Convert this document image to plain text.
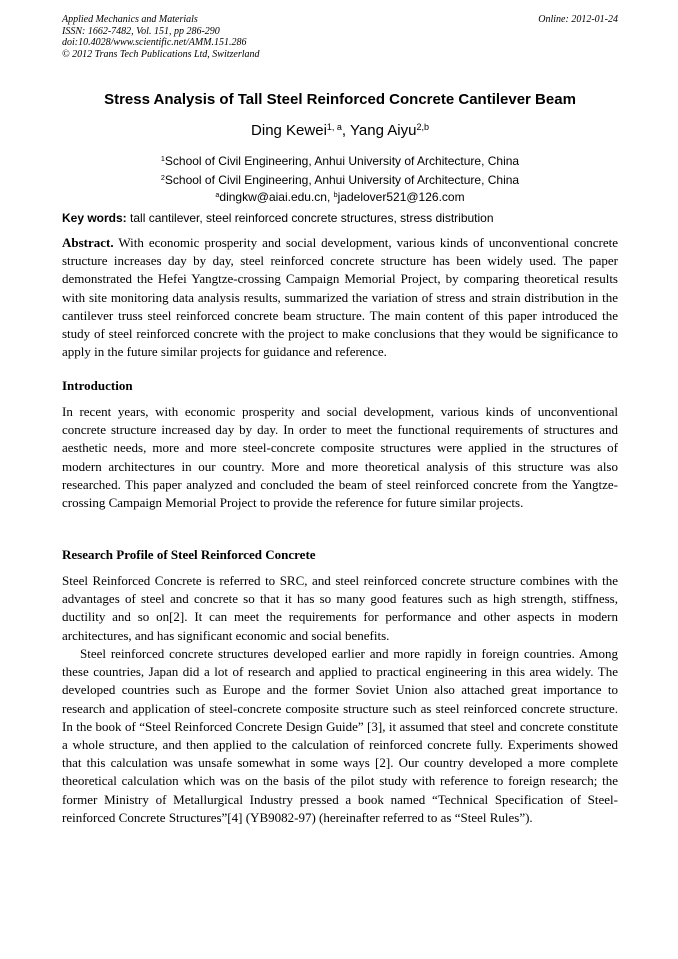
Applied Mechanics and Materials
ISSN: 1662-7482, Vol. 151, pp 286-290
doi:10.4028/www.scientific.net/AMM.151.286
© 2012 Trans Tech Publications Ltd, Switzerland
Online: 2012-01-24
Stress Analysis of Tall Steel Reinforced Concrete Cantilever Beam
Ding Kewei$^{1, a}$, Yang Aiyu$^{2,b}$
$^1$School of Civil Engineering, Anhui University of Architecture, China
$^2$School of Civil Engineering, Anhui University of Architecture, China
$^a$dingkw@aiai.edu.cn, $^b$jadelover521@126.com
Key words: tall cantilever, steel reinforced concrete structures, stress distribution

Abstract. With economic prosperity and social development, various kinds of unconventional concrete structure increases day by day, steel reinforced concrete structure has been widely used. The paper demonstrated the Hefei Yangtze-crossing Campaign Memorial Project, by comparing theoretical results with site monitoring data analysis results, summarized the variation of stress and strain distribution in the cantilever truss steel reinforced concrete beam structure. The main content of this paper introduced the study of steel reinforced concrete with the project to make conclusions that they would be significance to apply in the future similar projects for guidance and reference.

Introduction

In recent years, with economic prosperity and social development, various kinds of unconventional concrete structure increased day by day. In order to meet the functional requirements of structures and aesthetic needs, more and more steel-concrete composite structures were applied in the structures of modern architectures in our country. More and more theoretical analysis of this structure was also researched. This paper analyzed and concluded the beam of steel reinforced concrete from the Yangtze-crossing Campaign Memorial Project to provide the reference for future similar projects.

Research Profile of Steel Reinforced Concrete

Steel Reinforced Concrete is referred to SRC, and steel reinforced concrete structure combines with the advantages of steel and concrete so that it has so many good features such as high strength, stiffness, ductility and so on[2]. It can meet the requirements for performance and other aspects in modern architectures, and has significant economic and social benefits.

Steel reinforced concrete structures developed earlier and more rapidly in foreign countries. Among these countries, Japan did a lot of research and applied to practical engineering in this area widely. The developed countries such as Europe and the former Soviet Union also attached great importance to research and application of steel-concrete composite structure such as steel reinforced concrete structure. In the book of “Steel Reinforced Concrete Design Guide” [3], it assumed that steel and concrete constitute a whole structure, and then applied to the calculation of reinforced concrete fully. Experiments showed that this calculation was unsafe somewhat in some ways [2]. Our country developed a more complete theoretical calculation which was on the basis of the pilot study with reference to foreign research; the former Ministry of Metallurgical Industry pressed a book named “Technical Specification of Steel-reinforced Concrete Structures”[4] (YB9082-97) (hereinafter referred to as “Steel Rules”).
